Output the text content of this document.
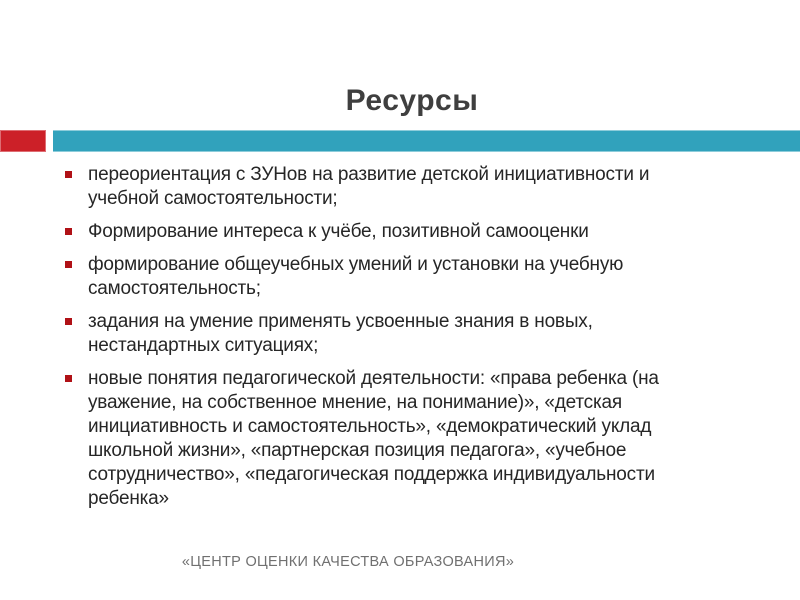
Ресурсы
переориентация с ЗУНов на развитие детской инициативности и учебной самостоятельности;
Формирование интереса к учёбе, позитивной самооценки
формирование общеучебных умений и установки на учебную самостоятельность;
задания на умение применять усвоенные знания в новых, нестандартных ситуациях;
новые понятия педагогической деятельности: «права ребенка (на уважение, на собственное мнение, на понимание)», «детская инициативность и самостоятельность», «демократический уклад школьной жизни», «партнерская позиция педагога», «учебное сотрудничество», «педагогическая поддержка индивидуальности ребенка»
«ЦЕНТР ОЦЕНКИ КАЧЕСТВА ОБРАЗОВАНИЯ»
